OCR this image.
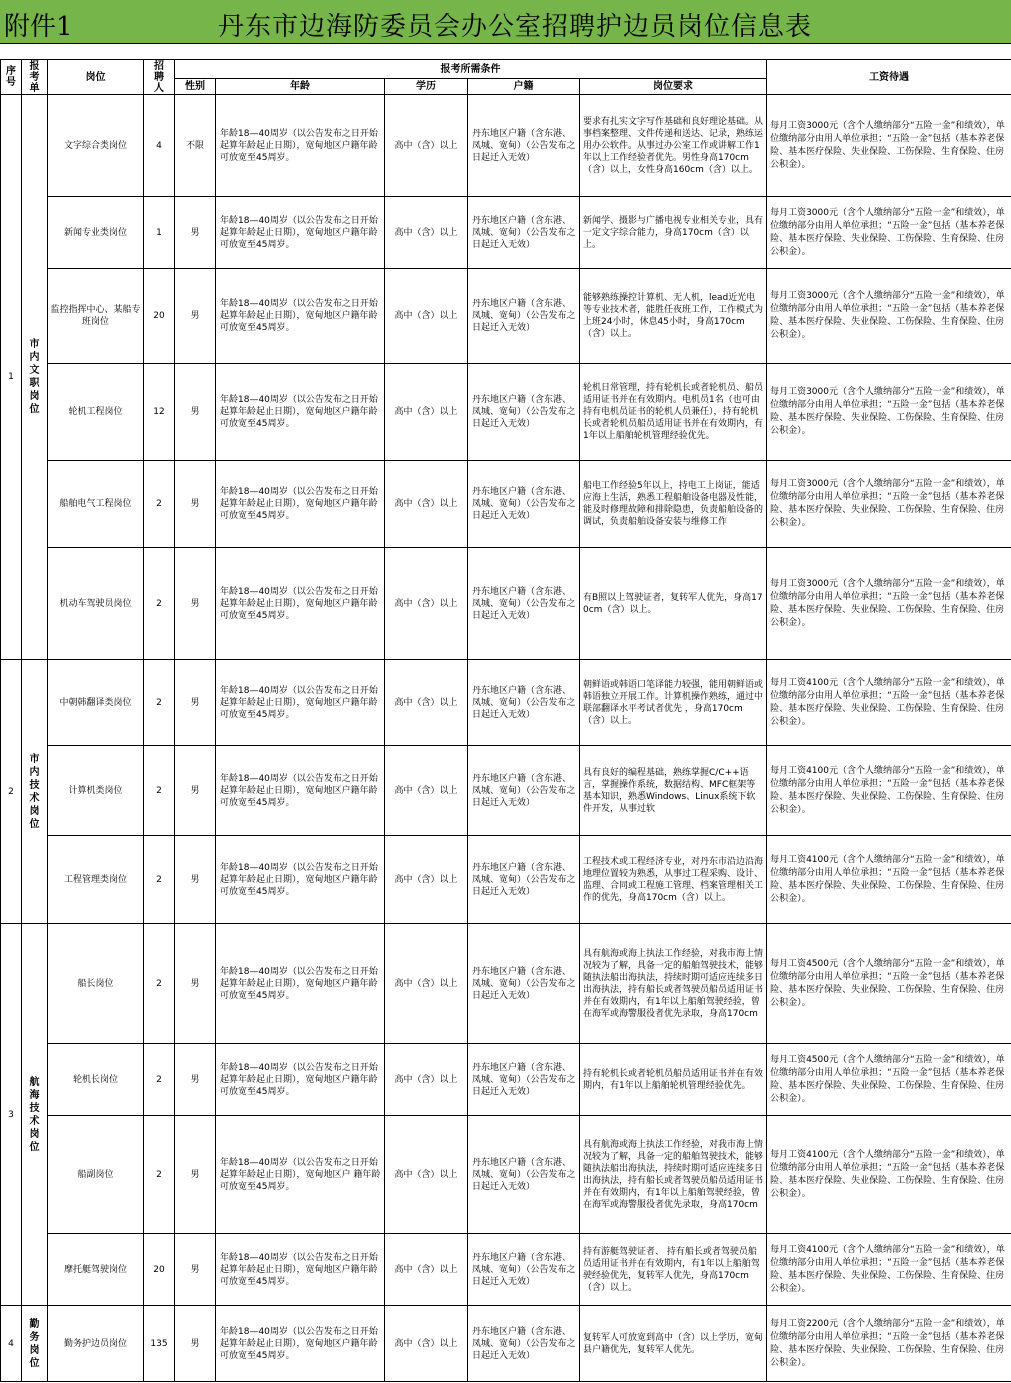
附件1	丹东市边海防委员会办公室招聘护边员岗位信息表
序号	报考单	岗位	招聘人	报考所需条件					工资待遇
				性别	年龄	学历	户籍	岗位要求	
1	市内文职岗位	文字综合类岗位	4	不限	年龄18—40周岁（以公告发布之日开始起算年龄起止日期），宽甸地区户籍年龄可放宽至45周岁。	高中（含）以上	丹东地区户籍（含东港、凤城、宽甸）（公告发布之日起迁入无效）	要求有扎实文字写作基础和良好理论基础。从事档案整理、文件传递和送达、记录，熟练运用办公软件。从事过办公室工作或讲解工作1年以上工作经验者优先。男性身高170cm（含）以上，女性身高160cm（含）以上。	每月工资3000元（含个人缴纳部分“五险一金”和绩效），单位缴纳部分由用人单位承担；“五险一金”包括（基本养老保险、基本医疗保险、失业保险、工伤保险、生育保险、住房公积金）。
		新闻专业类岗位	1	男	年龄18—40周岁（以公告发布之日开始起算年龄起止日期），宽甸地区户籍年龄可放宽至45周岁。	高中（含）以上	丹东地区户籍（含东港、凤城、宽甸）（公告发布之日起迁入无效）	新闻学、摄影与广播电视专业相关专业，具有一定文字综合能力，身高170cm（含）以上。	每月工资3000元（含个人缴纳部分“五险一金”和绩效），单位缴纳部分由用人单位承担；“五险一金”包括（基本养老保险、基本医疗保险、失业保险、工伤保险、生育保险、住房公积金）。
		监控指挥中心、某船专班岗位	20	男	年龄18—40周岁（以公告发布之日开始起算年龄起止日期），宽甸地区户籍年龄可放宽至45周岁。	高中（含）以上	丹东地区户籍（含东港、凤城、宽甸）（公告发布之日起迁入无效）	能够熟练操控计算机、无人机，lead近光电等专业技术者，能胜任夜班工作，工作模式为上班24小时，休息45小时，身高170cm（含）以上。	每月工资3000元（含个人缴纳部分“五险一金”和绩效），单位缴纳部分由用人单位承担；“五险一金”包括（基本养老保险、基本医疗保险、失业保险、工伤保险、生育保险、住房公积金）。
		轮机工程岗位	12	男	年龄18—40周岁（以公告发布之日开始起算年龄起止日期），宽甸地区户籍年龄可放宽至45周岁。	高中（含）以上	丹东地区户籍（含东港、凤城、宽甸）（公告发布之日起迁入无效）	轮机日常管理，持有轮机长或者轮机员、船员适用证书并在有效期内。电机员1名（也可由持有电机员证书的轮机人员兼任），持有轮机长或者轮机员船员适用证书并在有效期内，有1年以上船舶轮机管理经验优先。	每月工资3000元（含个人缴纳部分“五险一金”和绩效），单位缴纳部分由用人单位承担；“五险一金”包括（基本养老保险、基本医疗保险、失业保险、工伤保险、生育保险、住房公积金）。
		船舶电气工程岗位	2	男	年龄18—40周岁（以公告发布之日开始起算年龄起止日期），宽甸地区户籍年龄可放宽至45周岁。	高中（含）以上	丹东地区户籍（含东港、凤城、宽甸）（公告发布之日起迁入无效）	船电工作经验5年以上，持电工上岗证，能适应海上生活，熟悉工程船舶设备电器及性能，能及时修理故障和排除隐患，负责船舶设备的调试，负责船舶设备安装与维修工作	每月工资3000元（含个人缴纳部分“五险一金”和绩效），单位缴纳部分由用人单位承担；“五险一金”包括（基本养老保险、基本医疗保险、失业保险、工伤保险、生育保险、住房公积金）。
		机动车驾驶员岗位	2	男	年龄18—40周岁（以公告发布之日开始起算年龄起止日期），宽甸地区户籍年龄可放宽至45周岁。	高中（含）以上	丹东地区户籍（含东港、凤城、宽甸）（公告发布之日起迁入无效）	有B照以上驾驶证者，复转军人优先，身高170cm（含）以上。	每月工资3000元（含个人缴纳部分“五险一金”和绩效），单位缴纳部分由用人单位承担；“五险一金”包括（基本养老保险、基本医疗保险、失业保险、工伤保险、生育保险、住房公积金）。
2	市内技术岗位	中朝韩翻译类岗位	2	男	年龄18—40周岁（以公告发布之日开始起算年龄起止日期），宽甸地区户籍年龄可放宽至45周岁。	高中（含）以上	丹东地区户籍（含东港、凤城、宽甸）（公告发布之日起迁入无效）	朝鲜语或韩语口笔译能力较强，能用朝鲜语或韩语独立开展工作。计算机操作熟练，通过中联部翻译水平考试者优先 ，身高170cm（含）以上。	每月工资4100元（含个人缴纳部分“五险一金”和绩效），单位缴纳部分由用人单位承担；“五险一金”包括（基本养老保险、基本医疗保险、失业保险、工伤保险、生育保险、住房公积金）。
		计算机类岗位	2	男	年龄18—40周岁（以公告发布之日开始起算年龄起止日期），宽甸地区户籍年龄可放宽至45周岁。	高中（含）以上	丹东地区户籍（含东港、凤城、宽甸）（公告发布之日起迁入无效）	具有良好的编程基础，熟练掌握C/C++语言，掌握操作系统，数据结构、MFC框架等基本知识，熟悉Windows、Linux系统下软件开发，从事过软	每月工资4100元（含个人缴纳部分“五险一金”和绩效），单位缴纳部分由用人单位承担；“五险一金”包括（基本养老保险、基本医疗保险、失业保险、工伤保险、生育保险、住房公积金）。
		工程管理类岗位	2	男	年龄18—40周岁（以公告发布之日开始起算年龄起止日期），宽甸地区户籍年龄可放宽至45周岁。	高中（含）以上	丹东地区户籍（含东港、凤城、宽甸）（公告发布之日起迁入无效）	工程技术或工程经济专业，对丹东市沿边沿海地理位置较为熟悉，从事过工程采购、设计、监理、合同或工程施工管理、档案管理相关工作的优先，身高170cm（含）以上。	每月工资4100元（含个人缴纳部分“五险一金”和绩效），单位缴纳部分由用人单位承担；“五险一金”包括（基本养老保险、基本医疗保险、失业保险、工伤保险、生育保险、住房公积金）。
3	航海技术岗位	船长岗位	2	男	年龄18—40周岁（以公告发布之日开始起算年龄起止日期），宽甸地区户籍年龄可放宽至45周岁。	高中（含）以上	丹东地区户籍（含东港、凤城、宽甸）（公告发布之日起迁入无效）	具有航海或海上执法工作经验，对我市海上情况较为了解，具备一定的船舶驾驶技术，能够随执法船出海执法，持续时期可适应连续多日出海执法，持有船长或者驾驶员船员适用证书并在有效期内，有1年以上船舶驾驶经验，曾在海军或海警服役者优先录取，身高170cm	每月工资4500元（含个人缴纳部分“五险一金”和绩效），单位缴纳部分由用人单位承担；“五险一金”包括（基本养老保险、基本医疗保险、失业保险、工伤保险、生育保险、住房公积金）。
		轮机长岗位	2	男	年龄18—40周岁（以公告发布之日开始起算年龄起止日期），宽甸地区户籍年龄可放宽至45周岁。	高中（含）以上	丹东地区户籍（含东港、凤城、宽甸）（公告发布之日起迁入无效）	持有轮机长或者轮机员船员适用证书并在有效期内，有1年以上船舶轮机管理经验优先。	每月工资4500元（含个人缴纳部分“五险一金”和绩效），单位缴纳部分由用人单位承担；“五险一金”包括（基本养老保险、基本医疗保险、失业保险、工伤保险、生育保险、住房公积金）。
		船副岗位	2	男	年龄18—40周岁（以公告发布之日开始起算年龄起止日期），宽甸地区户 籍年龄可放宽至45周岁。	高中（含）以上	丹东地区户籍（含东港、凤城、宽甸）（公告发布之日起迁入无效）	具有航海或海上执法工作经验，对我市海上情况较为了解，具备一定的船舶驾驶技术，能够随执法船出海执法，持续时期可适应连续多日出海执法，持有船长或者驾驶员船员适用证书并在有效期内，有1年以上船舶驾驶经验，曾在海军或海警服役者优先录取，身高170cm	每月工资4100元（含个人缴纳部分“五险一金”和绩效），单位缴纳部分由用人单位承担；“五险一金”包括（基本养老保险、基本医疗保险、失业保险、工伤保险、生育保险、住房公积金）。
		摩托艇驾驶岗位	20	男	年龄18—40周岁（以公告发布之日开始起算年龄起止日期），宽甸地区户籍年龄可放宽至45周岁。	高中（含）以上	丹东地区户籍（含东港、凤城、宽甸）（公告发布之日起迁入无效）	持有游艇驾驶证者、 持有船长或者驾驶员船员适用证书并在有效期内，有1年以上船舶驾驶经验优先，复转军人优先，身高170cm（含）以上。	每月工资4100元（含个人缴纳部分“五险一金”和绩效），单位缴纳部分由用人单位承担；“五险一金”包括（基本养老保险、基本医疗保险、失业保险、工伤保险、生育保险、住房公积金）。
4	勤务岗位	勤务护边员岗位	135	男	年龄18—40周岁（以公告发布之日开始起算年龄起止日期），宽甸地区户籍年龄可放宽至45周岁。	高中（含）以上	丹东地区户籍（含东港、凤城、宽甸）（公告发布之日起迁入无效）	复转军人可放宽到高中（含）以上学历，宽甸县户籍优先，复转军人优先。	每月工资2200元（含个人缴纳部分“五险一金”和绩效），单位缴纳部分由用人单位承担；“五险一金”包括（基本养老保险、基本医疗保险、失业保险、工伤保险、生育保险、住房公积金）。
